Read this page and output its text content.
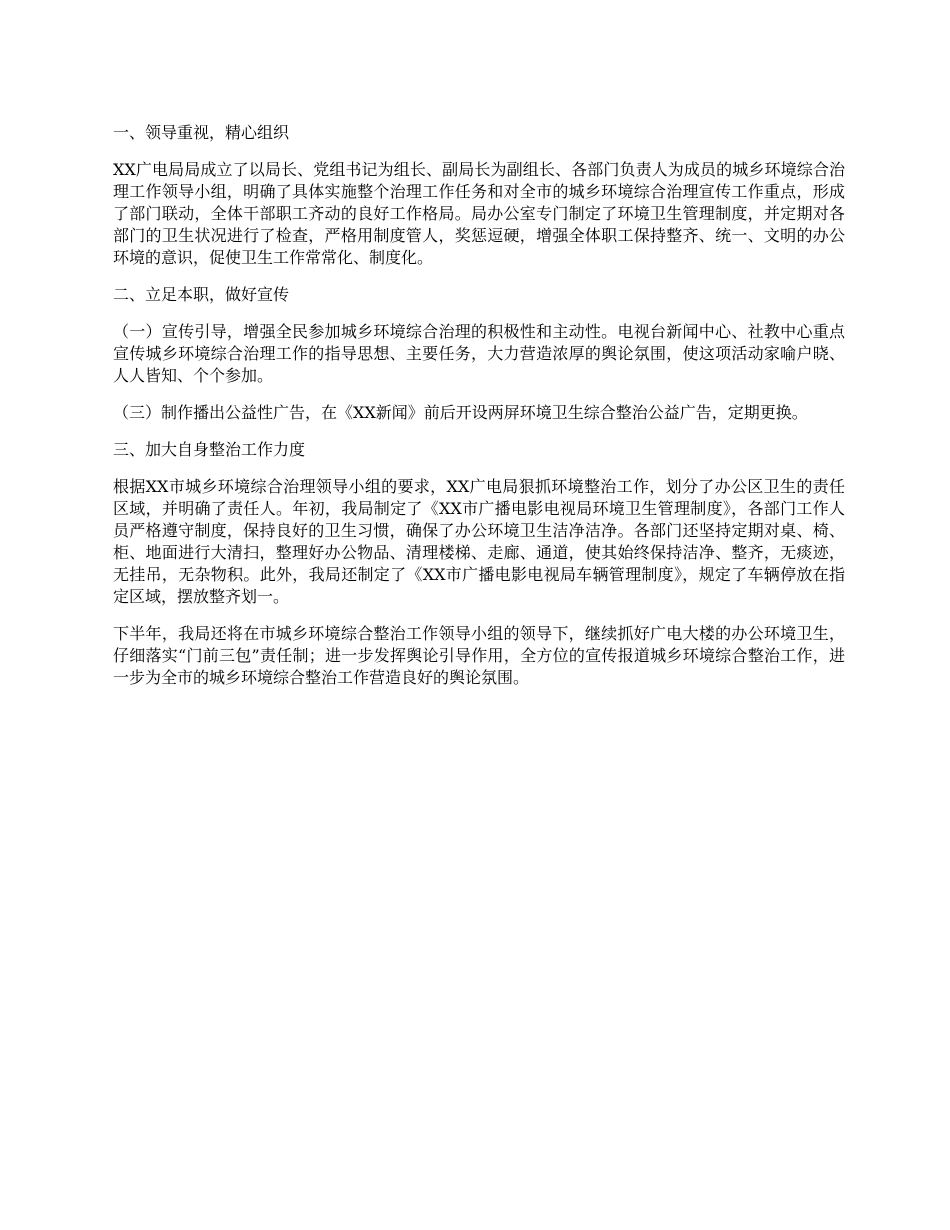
一、领导重视，精心组织

XX广电局局成立了以局长、党组书记为组长、副局长为副组长、各部门负责人为成员的城乡环境综合治理工作领导小组，明确了具体实施整个治理工作任务和对全市的城乡环境综合治理宣传工作重点，形成了部门联动，全体干部职工齐动的良好工作格局。局办公室专门制定了环境卫生管理制度，并定期对各部门的卫生状况进行了检查，严格用制度管人，奖惩逗硬，增强全体职工保持整齐、统一、文明的办公环境的意识，促使卫生工作常常化、制度化。

二、立足本职，做好宣传

（一）宣传引导，增强全民参加城乡环境综合治理的积极性和主动性。电视台新闻中心、社教中心重点宣传城乡环境综合治理工作的指导思想、主要任务，大力营造浓厚的舆论氛围，使这项活动家喻户晓、人人皆知、个个参加。

（三）制作播出公益性广告，在《XX新闻》前后开设两屏环境卫生综合整治公益广告，定期更换。

三、加大自身整治工作力度

根据XX市城乡环境综合治理领导小组的要求，XX广电局狠抓环境整治工作，划分了办公区卫生的责任区域，并明确了责任人。年初，我局制定了《XX市广播电影电视局环境卫生管理制度》，各部门工作人员严格遵守制度，保持良好的卫生习惯，确保了办公环境卫生洁净洁净。各部门还坚持定期对桌、椅、柜、地面进行大清扫，整理好办公物品、清理楼梯、走廊、通道，使其始终保持洁净、整齐，无痰迹，无挂吊，无杂物积。此外，我局还制定了《XX市广播电影电视局车辆管理制度》，规定了车辆停放在指定区域，摆放整齐划一。

下半年，我局还将在市城乡环境综合整治工作领导小组的领导下，继续抓好广电大楼的办公环境卫生，仔细落实“门前三包”责任制；进一步发挥舆论引导作用，全方位的宣传报道城乡环境综合整治工作，进一步为全市的城乡环境综合整治工作营造良好的舆论氛围。
